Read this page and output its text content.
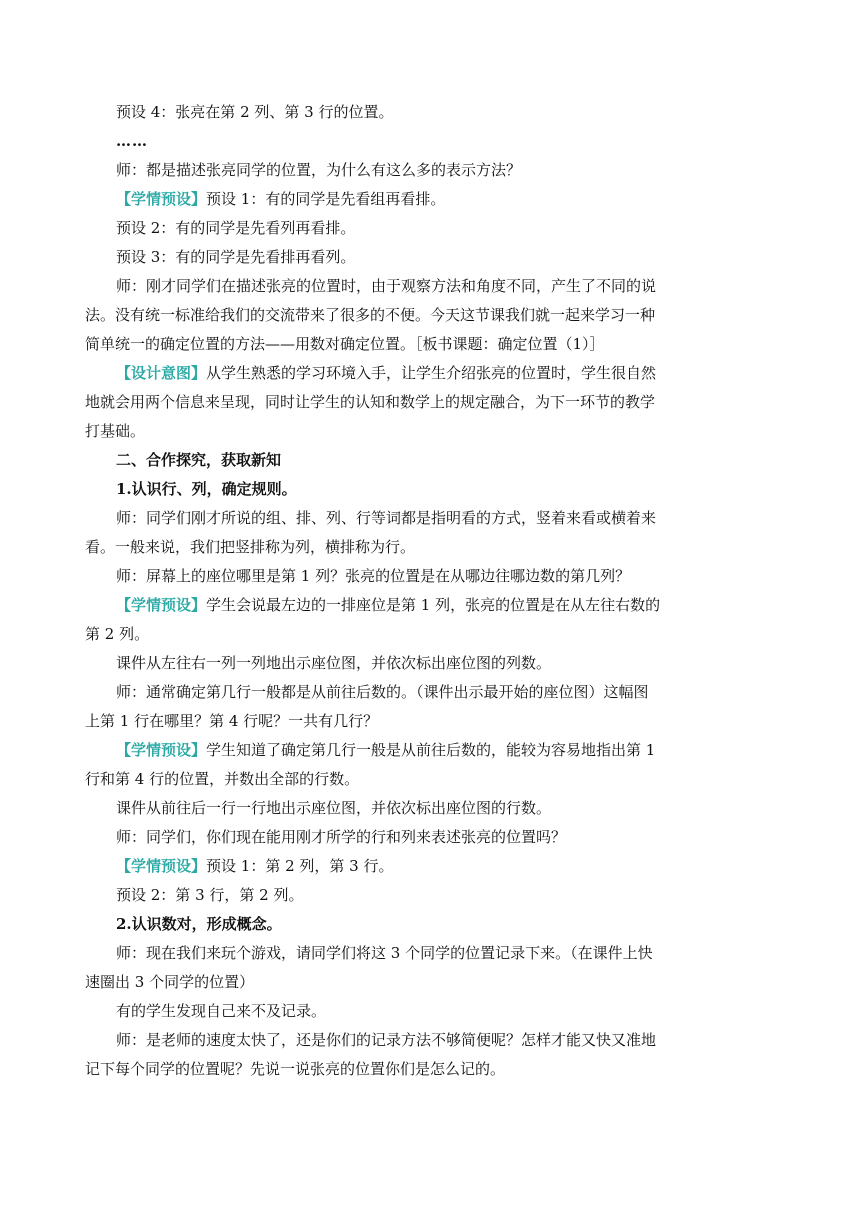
预设 4：张亮在第 2 列、第 3 行的位置。

……

师：都是描述张亮同学的位置，为什么有这么多的表示方法？

【学情预设】预设 1：有的同学是先看组再看排。

预设 2：有的同学是先看列再看排。

预设 3：有的同学是先看排再看列。

师：刚才同学们在描述张亮的位置时，由于观察方法和角度不同，产生了不同的说

法。没有统一标准给我们的交流带来了很多的不便。今天这节课我们就一起来学习一种

简单统一的确定位置的方法——用数对确定位置。［板书课题：确定位置（1）］

【设计意图】从学生熟悉的学习环境入手，让学生介绍张亮的位置时，学生很自然

地就会用两个信息来呈现，同时让学生的认知和数学上的规定融合，为下一环节的教学

打基础。

二、合作探究，获取新知

1.认识行、列，确定规则。

师：同学们刚才所说的组、排、列、行等词都是指明看的方式，竖着来看或横着来

看。一般来说，我们把竖排称为列，横排称为行。

师：屏幕上的座位哪里是第 1 列？张亮的位置是在从哪边往哪边数的第几列？

【学情预设】学生会说最左边的一排座位是第 1 列，张亮的位置是在从左往右数的

第 2 列。

课件从左往右一列一列地出示座位图，并依次标出座位图的列数。

师：通常确定第几行一般都是从前往后数的。（课件出示最开始的座位图）这幅图

上第 1 行在哪里？第 4 行呢？一共有几行？

【学情预设】学生知道了确定第几行一般是从前往后数的，能较为容易地指出第 1

行和第 4 行的位置，并数出全部的行数。

课件从前往后一行一行地出示座位图，并依次标出座位图的行数。

师：同学们，你们现在能用刚才所学的行和列来表述张亮的位置吗？

【学情预设】预设 1：第 2 列，第 3 行。

预设 2：第 3 行，第 2 列。

2.认识数对，形成概念。

师：现在我们来玩个游戏，请同学们将这 3 个同学的位置记录下来。（在课件上快

速圈出 3 个同学的位置）

有的学生发现自己来不及记录。

师：是老师的速度太快了，还是你们的记录方法不够简便呢？怎样才能又快又准地

记下每个同学的位置呢？先说一说张亮的位置你们是怎么记的。
